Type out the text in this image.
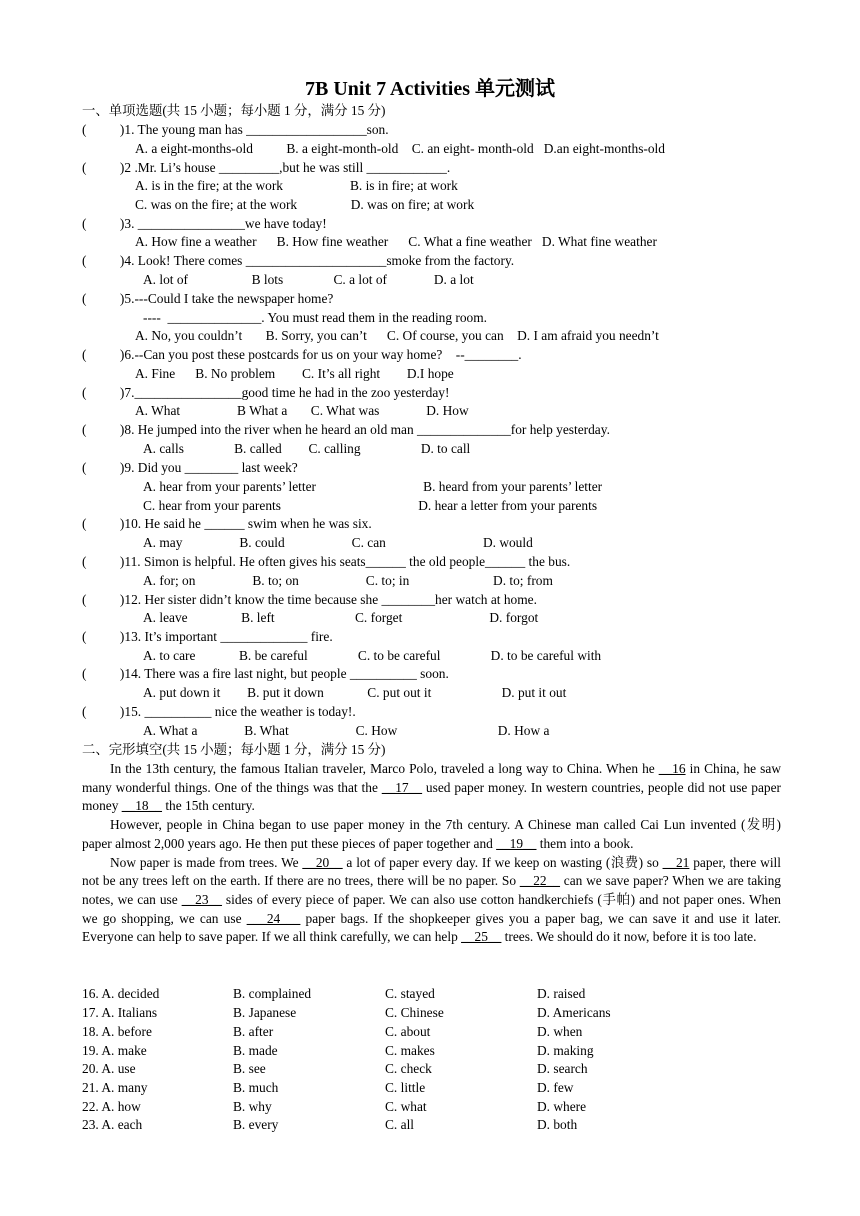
7B Unit 7 Activities 单元测试
一、单项选题(共 15 小题；每小题 1 分，满分 15 分)
(          )1. The young man has __________________son.
A. a eight-months-old          B. a eight-month-old    C. an eight- month-old   D.an eight-months-old
(          )2 .Mr. Li’s house _________,but he was still ____________.
A. is in the fire; at the work                    B. is in fire; at work
C. was on the fire; at the work                D. was on fire; at work
(          )3. ________________we have today!
A. How fine a weather      B. How fine weather      C. What a fine weather   D. What fine weather
(          )4. Look! There comes _____________________smoke from the factory.
A. lot of                   B lots               C. a lot of              D. a lot
(          )5.---Could I take the newspaper home?
----  ______________. You must read them in the reading room.
A. No, you couldn’t       B. Sorry, you can’t      C. Of course, you can    D. I am afraid you needn’t
(          )6.--Can you post these postcards for us on your way home?    --________.
A. Fine      B. No problem        C. It’s all right        D.I hope
(          )7.________________good time he had in the zoo yesterday!
A. What                 B What a       C. What was              D. How
(          )8. He jumped into the river when he heard an old man ______________for help yesterday.
A. calls               B. called        C. calling                  D. to call
(          )9. Did you ________ last week?
A. hear from your parents’ letter                                B. heard from your parents’ letter
C. hear from your parents                                         D. hear a letter from your parents
(          )10. He said he ______ swim when he was six.
A. may                 B. could                    C. can                             D. would
(          )11. Simon is helpful. He often gives his seats______ the old people______ the bus.
A. for; on                 B. to; on                    C. to; in                         D. to; from
(          )12. Her sister didn’t know the time because she ________her watch at home.
A. leave                B. left                        C. forget                          D. forgot
(          )13. It’s important _____________ fire.
A. to care             B. be careful               C. to be careful               D. to be careful with
(          )14. There was a fire last night, but people __________ soon.
A. put down it        B. put it down             C. put out it                     D. put it out
(          )15. __________ nice the weather is today!.
A. What a              B. What                    C. How                              D. How a
二、完形填空(共 15 小题；每小题 1 分，满分 15 分)

In the 13th century, the famous Italian traveler, Marco Polo, traveled a long way to China. When he __16 in China, he saw many wonderful things. One of the things was that the __17__ used paper money. In western countries, people did not use paper money __18__ the 15th century.

However, people in China began to use paper money in the 7th century. A Chinese man called Cai Lun invented (发明) paper almost 2,000 years ago. He then put these pieces of paper together and __19__ them into a book.

Now paper is made from trees. We __20__ a lot of paper every day. If we keep on wasting (浪费) so __21 paper, there will not be any trees left on the earth. If there are no trees, there will be no paper. So __22__ can we save paper? When we are taking notes, we can use __23__ sides of every piece of paper. We can also use cotton handkerchiefs (手帕) and not paper ones. When we go shopping, we can use ___24___ paper bags. If the shopkeeper gives you a paper bag, we can save it and use it later. Everyone can help to save paper. If we all think carefully, we can help __25__ trees. We should do it now, before it is too late.

16. A. decided	B. complained	C. stayed	D. raised
17. A. Italians	B. Japanese	C. Chinese	D. Americans
18. A. before	B. after	C. about	D. when
19. A. make	B. made	C. makes	D. making
20. A. use	B. see	C. check	D. search
21. A. many	B. much	C. little	D. few
22. A. how	B. why	C. what	D. where
23. A. each	B. every	C. all	D. both
